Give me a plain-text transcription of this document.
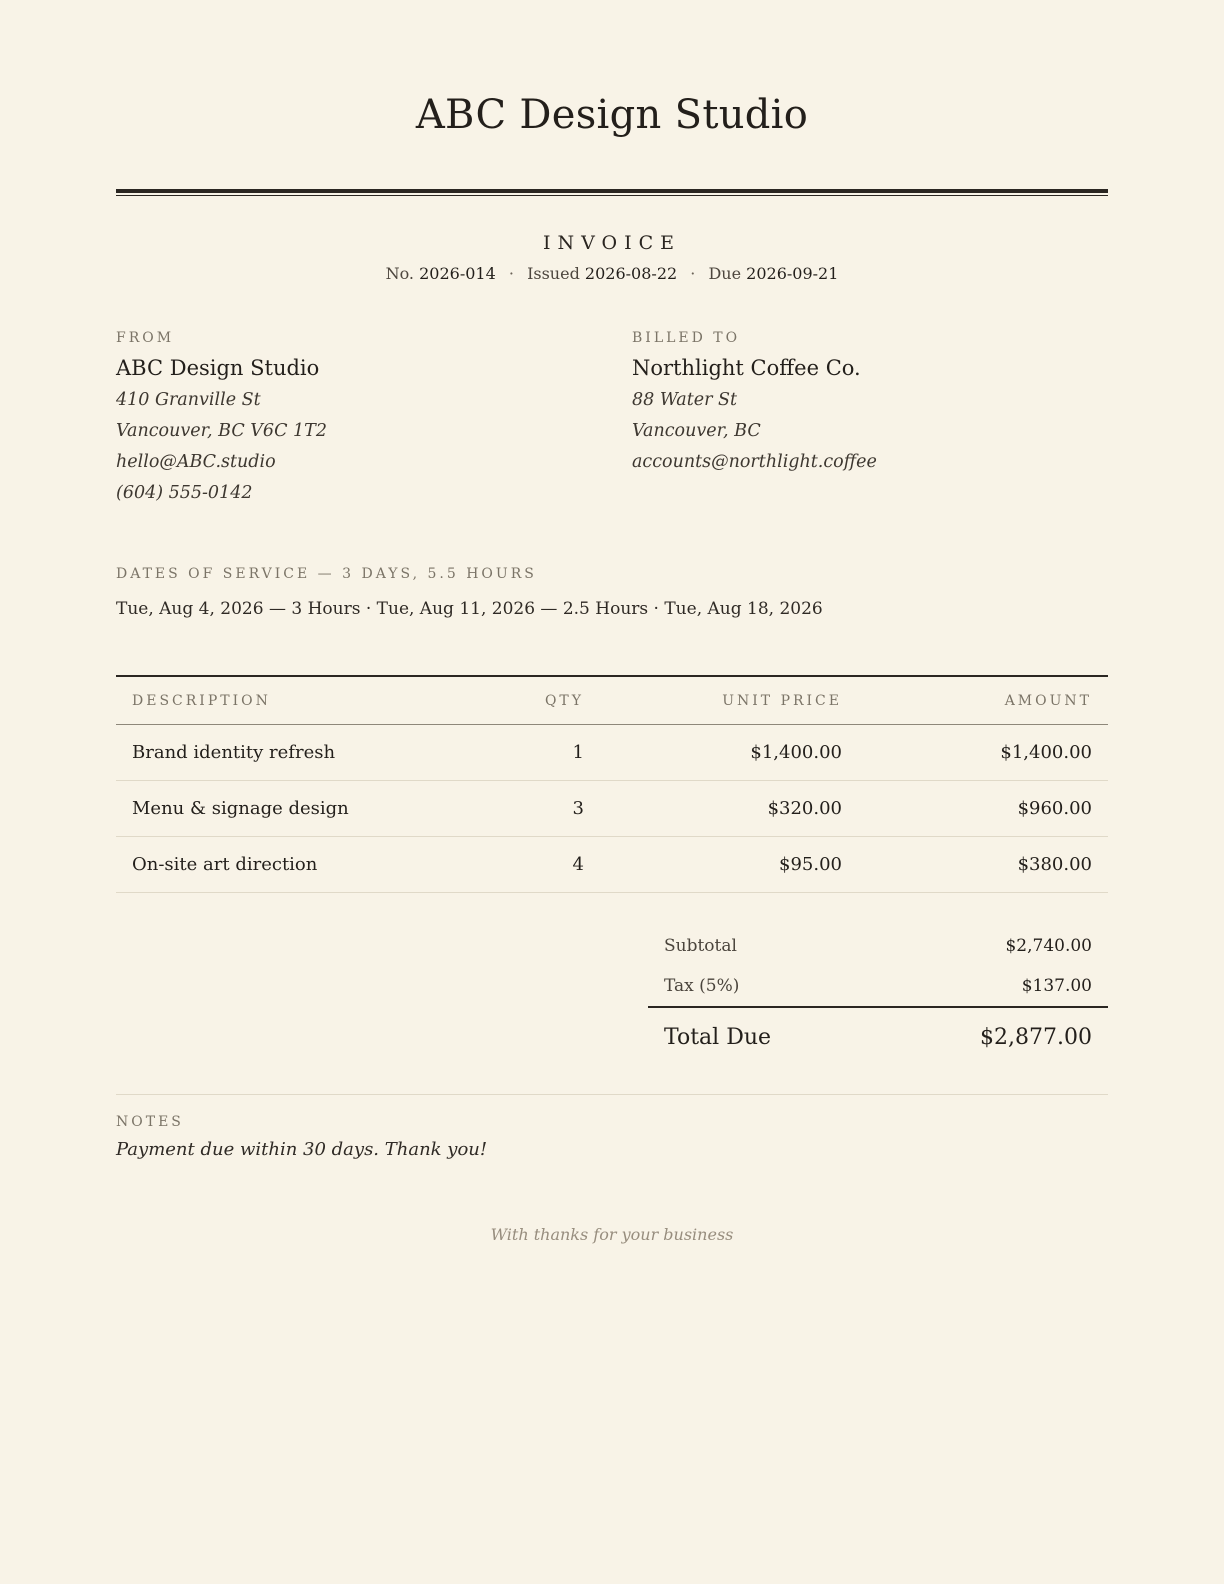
ABC Design Studio
INVOICE
No. 2026-014 · Issued 2026-08-22 · Due 2026-09-21
FROM
ABC Design Studio
410 Granville St
Vancouver, BC V6C 1T2
hello@ABC.studio
(604) 555-0142
BILLED TO
Northlight Coffee Co.
88 Water St
Vancouver, BC
accounts@northlight.coffee
DATES OF SERVICE — 3 DAYS, 5.5 HOURS
Tue, Aug 4, 2026 — 3 Hours · Tue, Aug 11, 2026 — 2.5 Hours · Tue, Aug 18, 2026
DESCRIPTION	QTY	UNIT PRICE	AMOUNT
Brand identity refresh	1	$1,400.00	$1,400.00
Menu & signage design	3	$320.00	$960.00
On-site art direction	4	$95.00	$380.00
Subtotal	$2,740.00
Tax (5%)	$137.00
Total Due	$2,877.00
NOTES
Payment due within 30 days. Thank you!
With thanks for your business
